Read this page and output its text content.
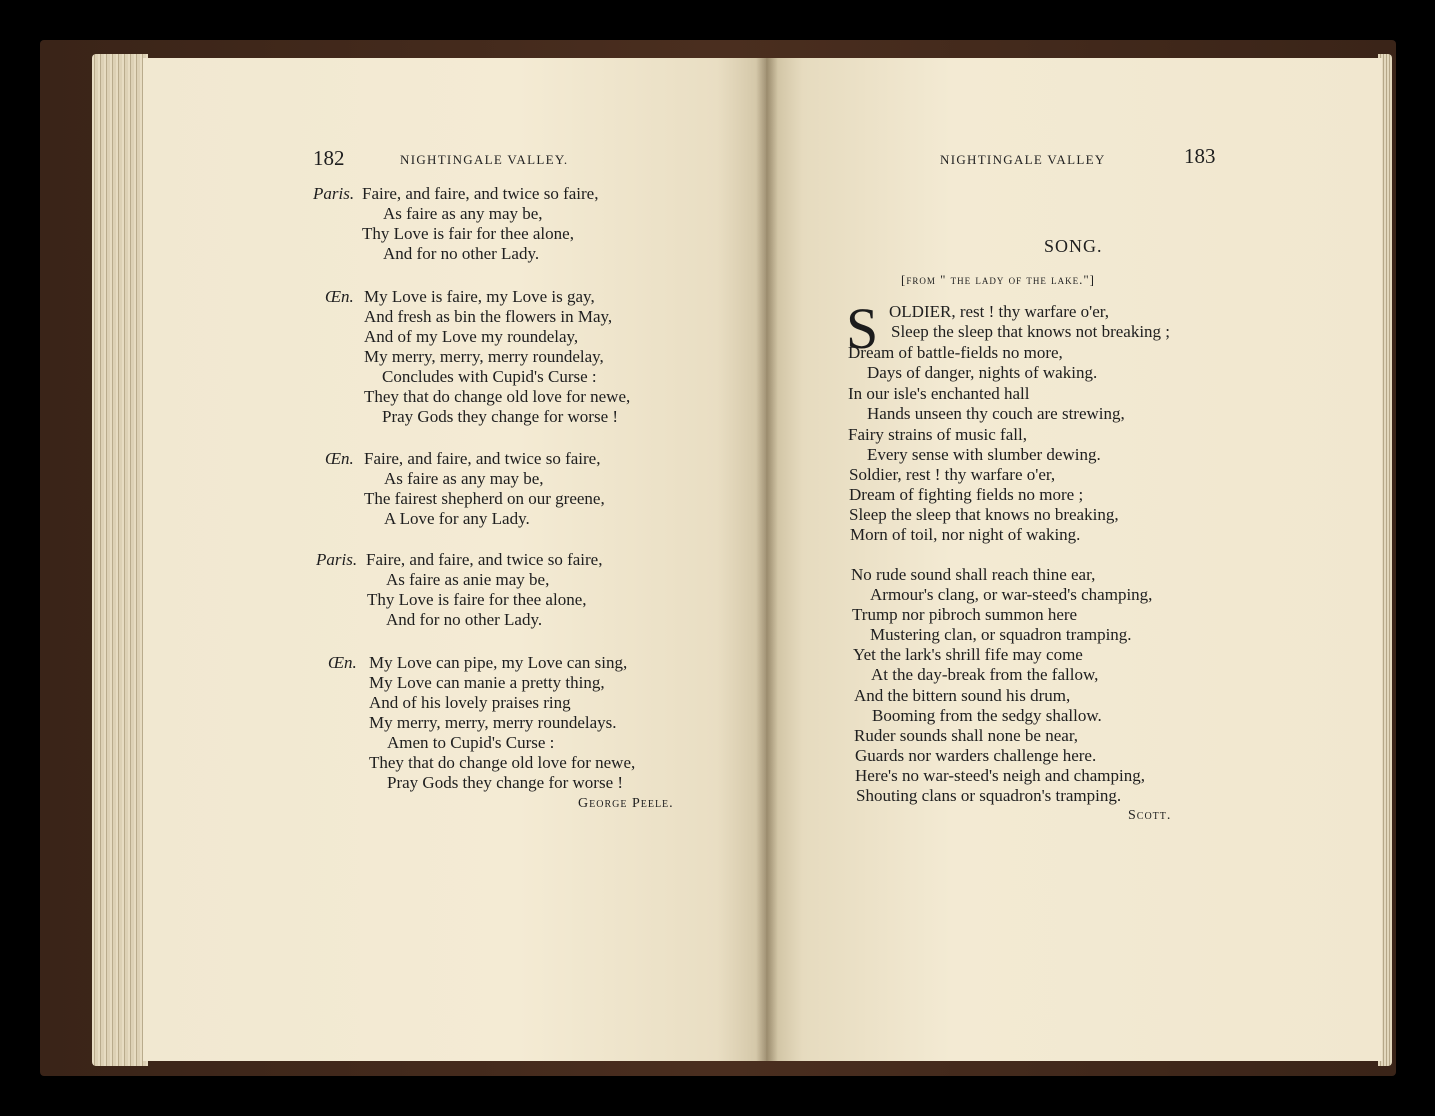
182	NIGHTINGALE VALLEY.
Paris. Faire, and faire, and twice so faire,
As faire as any may be,
Thy Love is fair for thee alone,
And for no other Lady.
Œn. My Love is faire, my Love is gay,
And fresh as bin the flowers in May,
And of my Love my roundelay,
My merry, merry, merry roundelay,
Concludes with Cupid's Curse :
They that do change old love for newe,
Pray Gods they change for worse !
Œn. Faire, and faire, and twice so faire,
As faire as any may be,
The fairest shepherd on our greene,
A Love for any Lady.
Paris. Faire, and faire, and twice so faire,
As faire as anie may be,
Thy Love is faire for thee alone,
And for no other Lady.
Œn. My Love can pipe, my Love can sing,
My Love can manie a pretty thing,
And of his lovely praises ring
My merry, merry, merry roundelays.
Amen to Cupid's Curse :
They that do change old love for newe,
Pray Gods they change for worse !
George Peele.
NIGHTINGALE VALLEY	183
SONG.
[from " the lady of the lake."]
S OLDIER, rest ! thy warfare o'er,
Sleep the sleep that knows not breaking ;
Dream of battle-fields no more,
Days of danger, nights of waking.
In our isle's enchanted hall
Hands unseen thy couch are strewing,
Fairy strains of music fall,
Every sense with slumber dewing.
Soldier, rest ! thy warfare o'er,
Dream of fighting fields no more ;
Sleep the sleep that knows no breaking,
Morn of toil, nor night of waking.
No rude sound shall reach thine ear,
Armour's clang, or war-steed's champing,
Trump nor pibroch summon here
Mustering clan, or squadron tramping.
Yet the lark's shrill fife may come
At the day-break from the fallow,
And the bittern sound his drum,
Booming from the sedgy shallow.
Ruder sounds shall none be near,
Guards nor warders challenge here.
Here's no war-steed's neigh and champing,
Shouting clans or squadron's tramping.
Scott.
